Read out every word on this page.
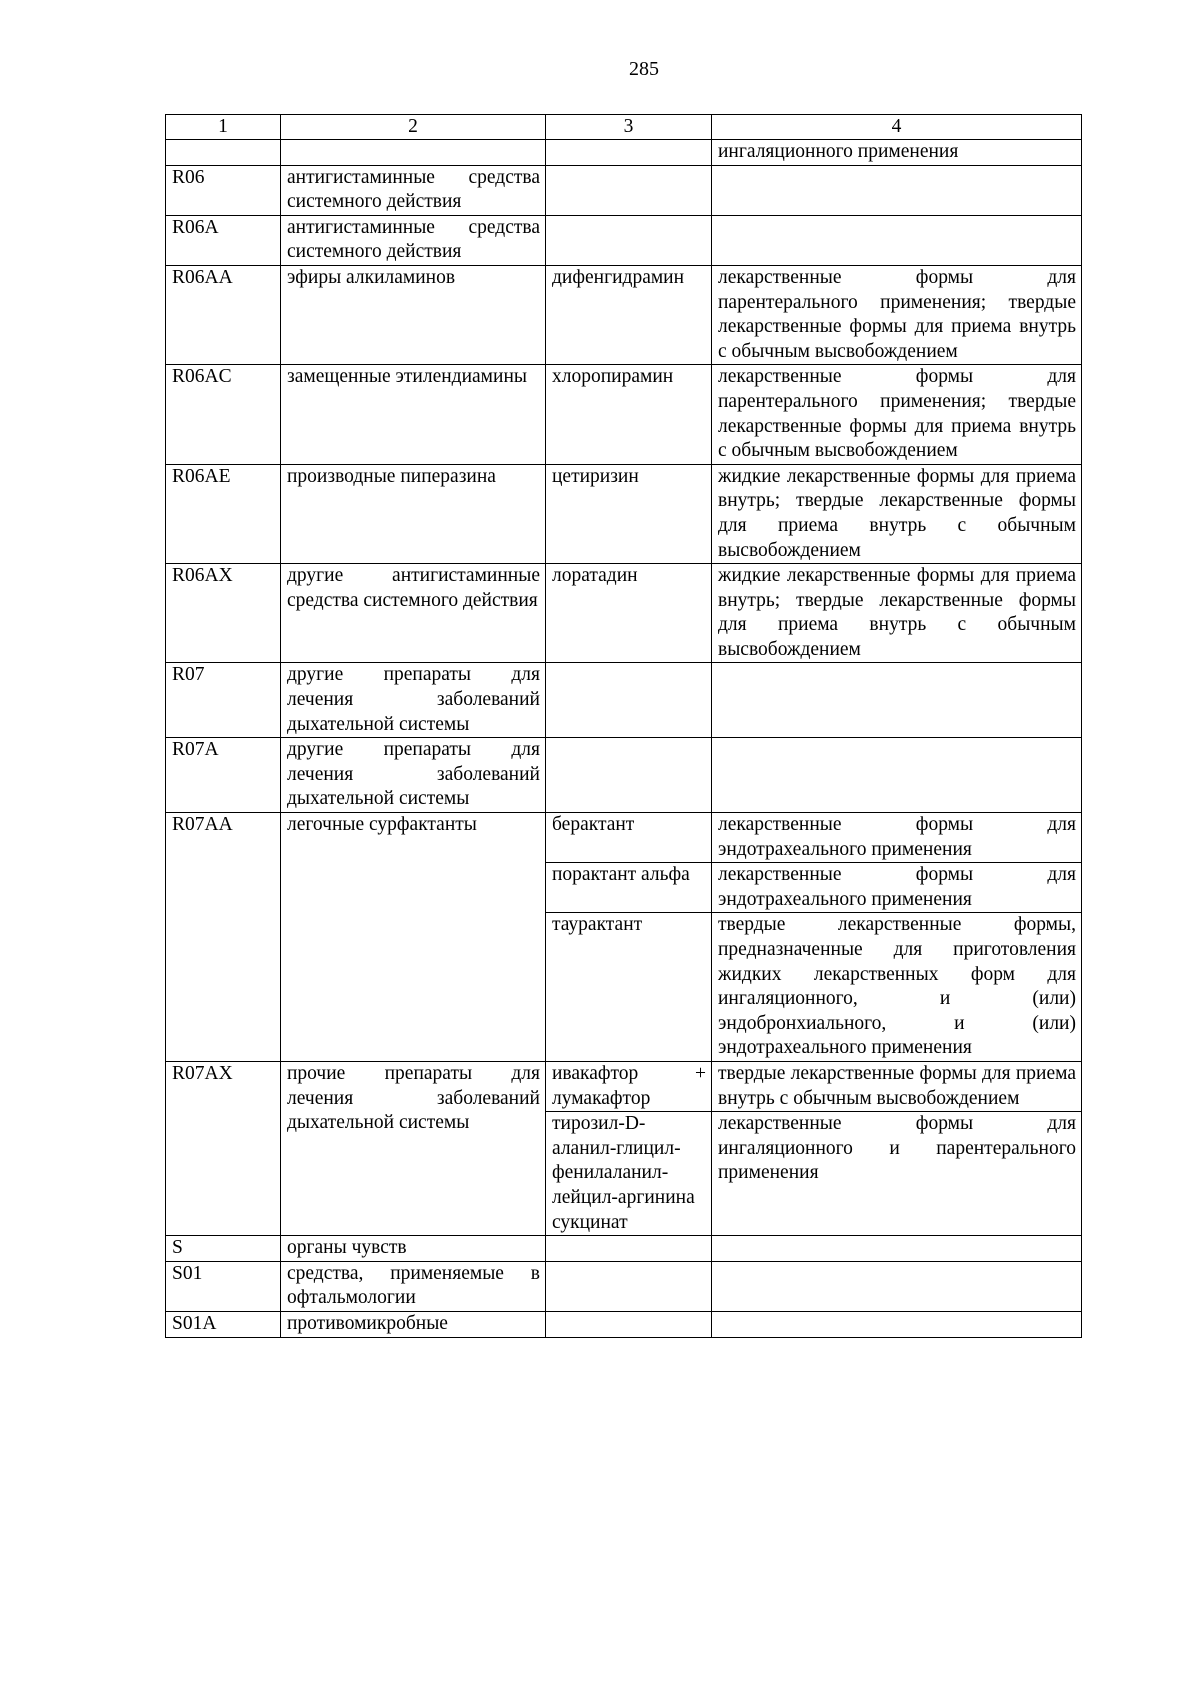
285
1	2	3	4
			ингаляционного применения
R06	антигистаминные средства системного действия		
R06A	антигистаминные средства системного действия		
R06AA	эфиры алкиламинов	дифенгидрамин	лекарственные формы для парентерального применения; твердые лекарственные формы для приема внутрь с обычным высвобождением
R06AC	замещенные этилендиамины	хлоропирамин	лекарственные формы для парентерального применения; твердые лекарственные формы для приема внутрь с обычным высвобождением
R06AE	производные пиперазина	цетиризин	жидкие лекарственные формы для приема внутрь; твердые лекарственные формы для приема внутрь с обычным высвобождением
R06AX	другие антигистаминные средства системного действия	лоратадин	жидкие лекарственные формы для приема внутрь; твердые лекарственные формы для приема внутрь с обычным высвобождением
R07	другие препараты для лечения заболеваний дыхательной системы		
R07A	другие препараты для лечения заболеваний дыхательной системы		
R07AA	легочные сурфактанты	берактант	лекарственные формы для эндотрахеального применения
		порактант альфа	лекарственные формы для эндотрахеального применения
		таурактант	твердые лекарственные формы, предназначенные для приготовления жидких лекарственных форм для ингаляционного, и (или) эндобронхиального, и (или) эндотрахеального применения
R07AX	прочие препараты для лечения заболеваний дыхательной системы	ивакафтор + лумакафтор	твердые лекарственные формы для приема внутрь с обычным высвобождением
		тирозил-D-аланил-глицил-фенилаланил-лейцил-аргинина сукцинат	лекарственные формы для ингаляционного и парентерального применения
S	органы чувств		
S01	средства, применяемые в офтальмологии		
S01A	противомикробные		
